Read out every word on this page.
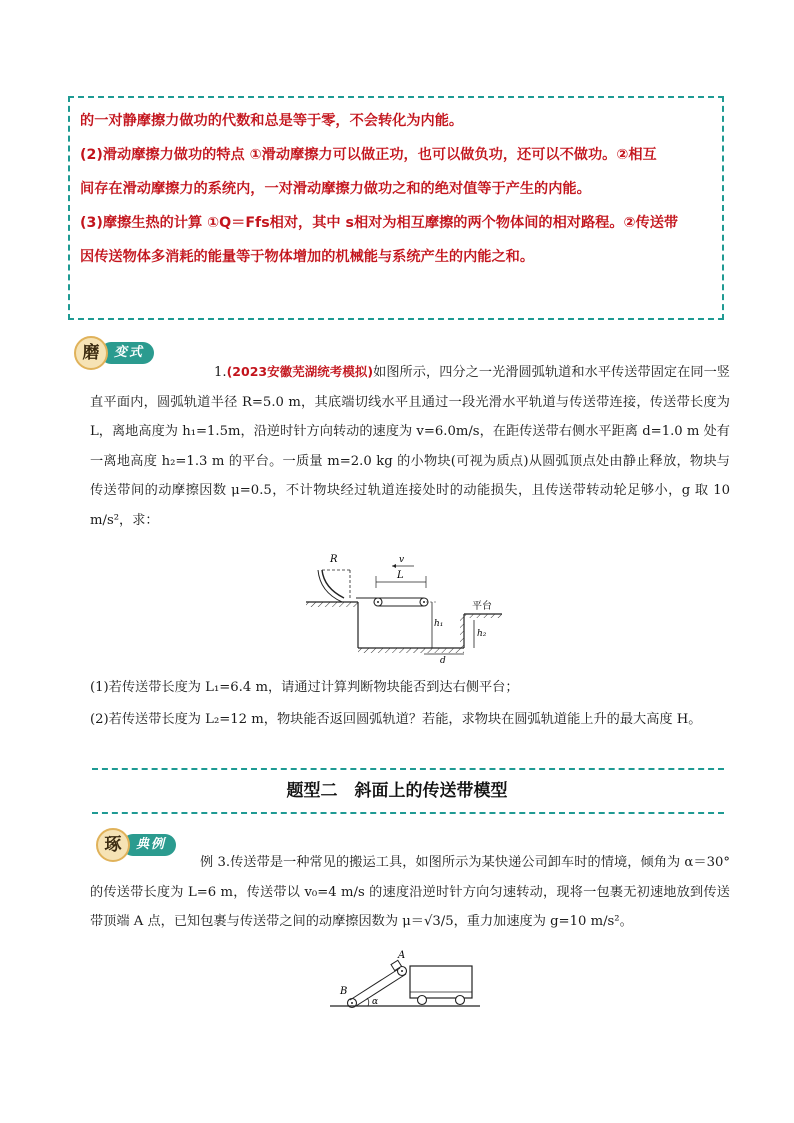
的一对静摩擦力做功的代数和总是等于零，不会转化为内能。
(2)滑动摩擦力做功的特点 ①滑动摩擦力可以做正功，也可以做负功，还可以不做功。②相互
间存在滑动摩擦力的系统内，一对滑动摩擦力做功之和的绝对值等于产生的内能。
(3)摩擦生热的计算 ①Q＝Ffs相对，其中 s相对为相互摩擦的两个物体间的相对路程。②传送带
因传送物体多消耗的能量等于物体增加的机械能与系统产生的内能之和。
变式
磨
1.(2023安徽芜湖统考模拟)如图所示，四分之一光滑圆弧轨道和水平传送带固定在同一竖直平面内，圆弧轨道半径 R=5.0 m，其底端切线水平且通过一段光滑水平轨道与传送带连接，传送带长度为 L，离地高度为 h₁=1.5m，沿逆时针方向转动的速度为 v=6.0m/s，在距传送带右侧水平距离 d=1.0 m 处有一离地高度 h₂=1.3 m 的平台。一质量 m=2.0 kg 的小物块(可视为质点)从圆弧顶点处由静止释放，物块与传送带间的动摩擦因数 μ=0.5，不计物块经过轨道连接处时的动能损失，且传送带转动轮足够小，g 取 10 m/s²，求：
R	v
L
h₁
平台
h₂
d
(1)若传送带长度为 L₁=6.4 m，请通过计算判断物块能否到达右侧平台；
(2)若传送带长度为 L₂=12 m，物块能否返回圆弧轨道？若能，求物块在圆弧轨道能上升的最大高度 H。
题型二　斜面上的传送带模型
典例
琢
例 3.传送带是一种常见的搬运工具，如图所示为某快递公司卸车时的情境，倾角为 α＝30° 的传送带长度为 L=6 m，传送带以 v₀=4 m/s 的速度沿逆时针方向匀速转动，现将一包裹无初速地放到传送带顶端 A 点，已知包裹与传送带之间的动摩擦因数为 μ＝√3/5，重力加速度为 g=10 m/s²。
A
B
α
